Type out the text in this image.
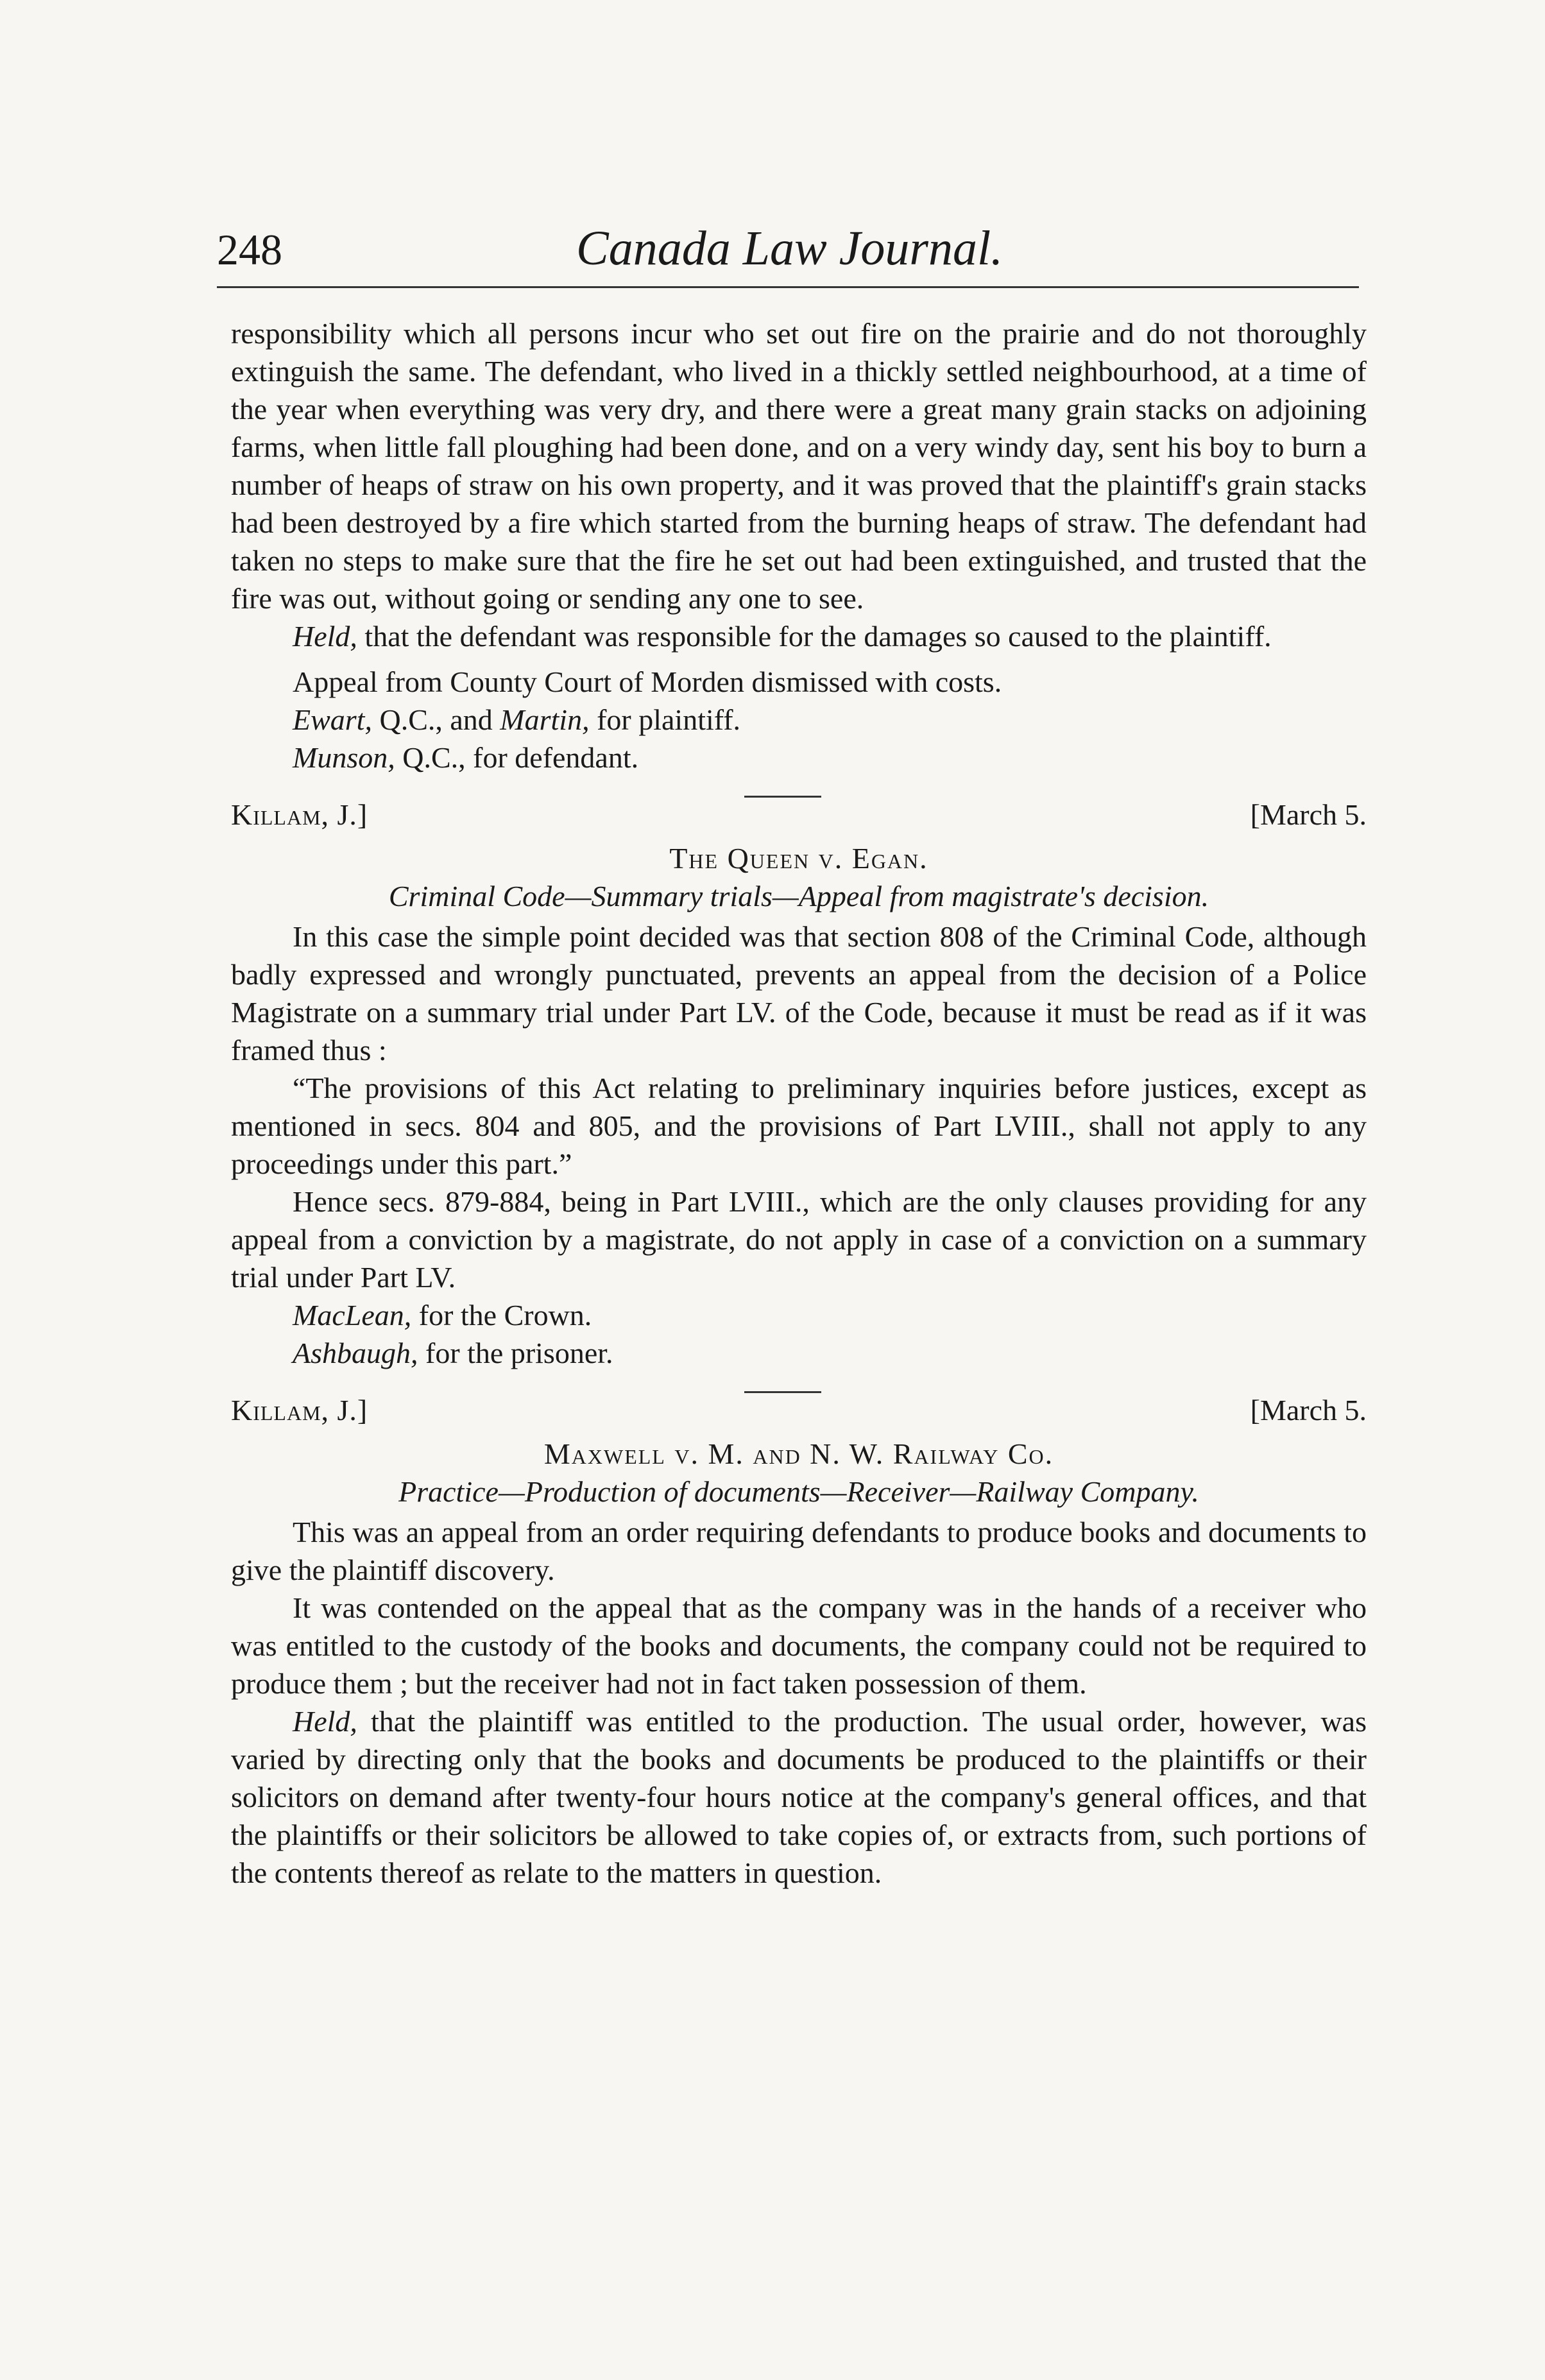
248	Canada Law Journal.

responsibility which all persons incur who set out fire on the prairie and do not thoroughly extinguish the same. The defendant, who lived in a thickly settled neighbourhood, at a time of the year when everything was very dry, and there were a great many grain stacks on adjoining farms, when little fall ploughing had been done, and on a very windy day, sent his boy to burn a number of heaps of straw on his own property, and it was proved that the plaintiff's grain stacks had been destroyed by a fire which started from the burning heaps of straw. The defendant had taken no steps to make sure that the fire he set out had been extinguished, and trusted that the fire was out, without going or sending any one to see.

Held, that the defendant was responsible for the damages so caused to the plaintiff.

Appeal from County Court of Morden dismissed with costs.

Ewart, Q.C., and Martin, for plaintiff.

Munson, Q.C., for defendant.

Killam, J.]	[March 5.

The Queen v. Egan.

Criminal Code—Summary trials—Appeal from magistrate's decision.

In this case the simple point decided was that section 808 of the Criminal Code, although badly expressed and wrongly punctuated, prevents an appeal from the decision of a Police Magistrate on a summary trial under Part LV. of the Code, because it must be read as if it was framed thus :

“The provisions of this Act relating to preliminary inquiries before justices, except as mentioned in secs. 804 and 805, and the provisions of Part LVIII., shall not apply to any proceedings under this part.”

Hence secs. 879-884, being in Part LVIII., which are the only clauses providing for any appeal from a conviction by a magistrate, do not apply in case of a conviction on a summary trial under Part LV.

MacLean, for the Crown.

Ashbaugh, for the prisoner.

Killam, J.]	[March 5.

Maxwell v. M. and N. W. Railway Co.

Practice—Production of documents—Receiver—Railway Company.

This was an appeal from an order requiring defendants to produce books and documents to give the plaintiff discovery.

It was contended on the appeal that as the company was in the hands of a receiver who was entitled to the custody of the books and documents, the company could not be required to produce them ; but the receiver had not in fact taken possession of them.

Held, that the plaintiff was entitled to the production. The usual order, however, was varied by directing only that the books and documents be produced to the plaintiffs or their solicitors on demand after twenty-four hours notice at the company's general offices, and that the plaintiffs or their solicitors be allowed to take copies of, or extracts from, such portions of the contents thereof as relate to the matters in question.
